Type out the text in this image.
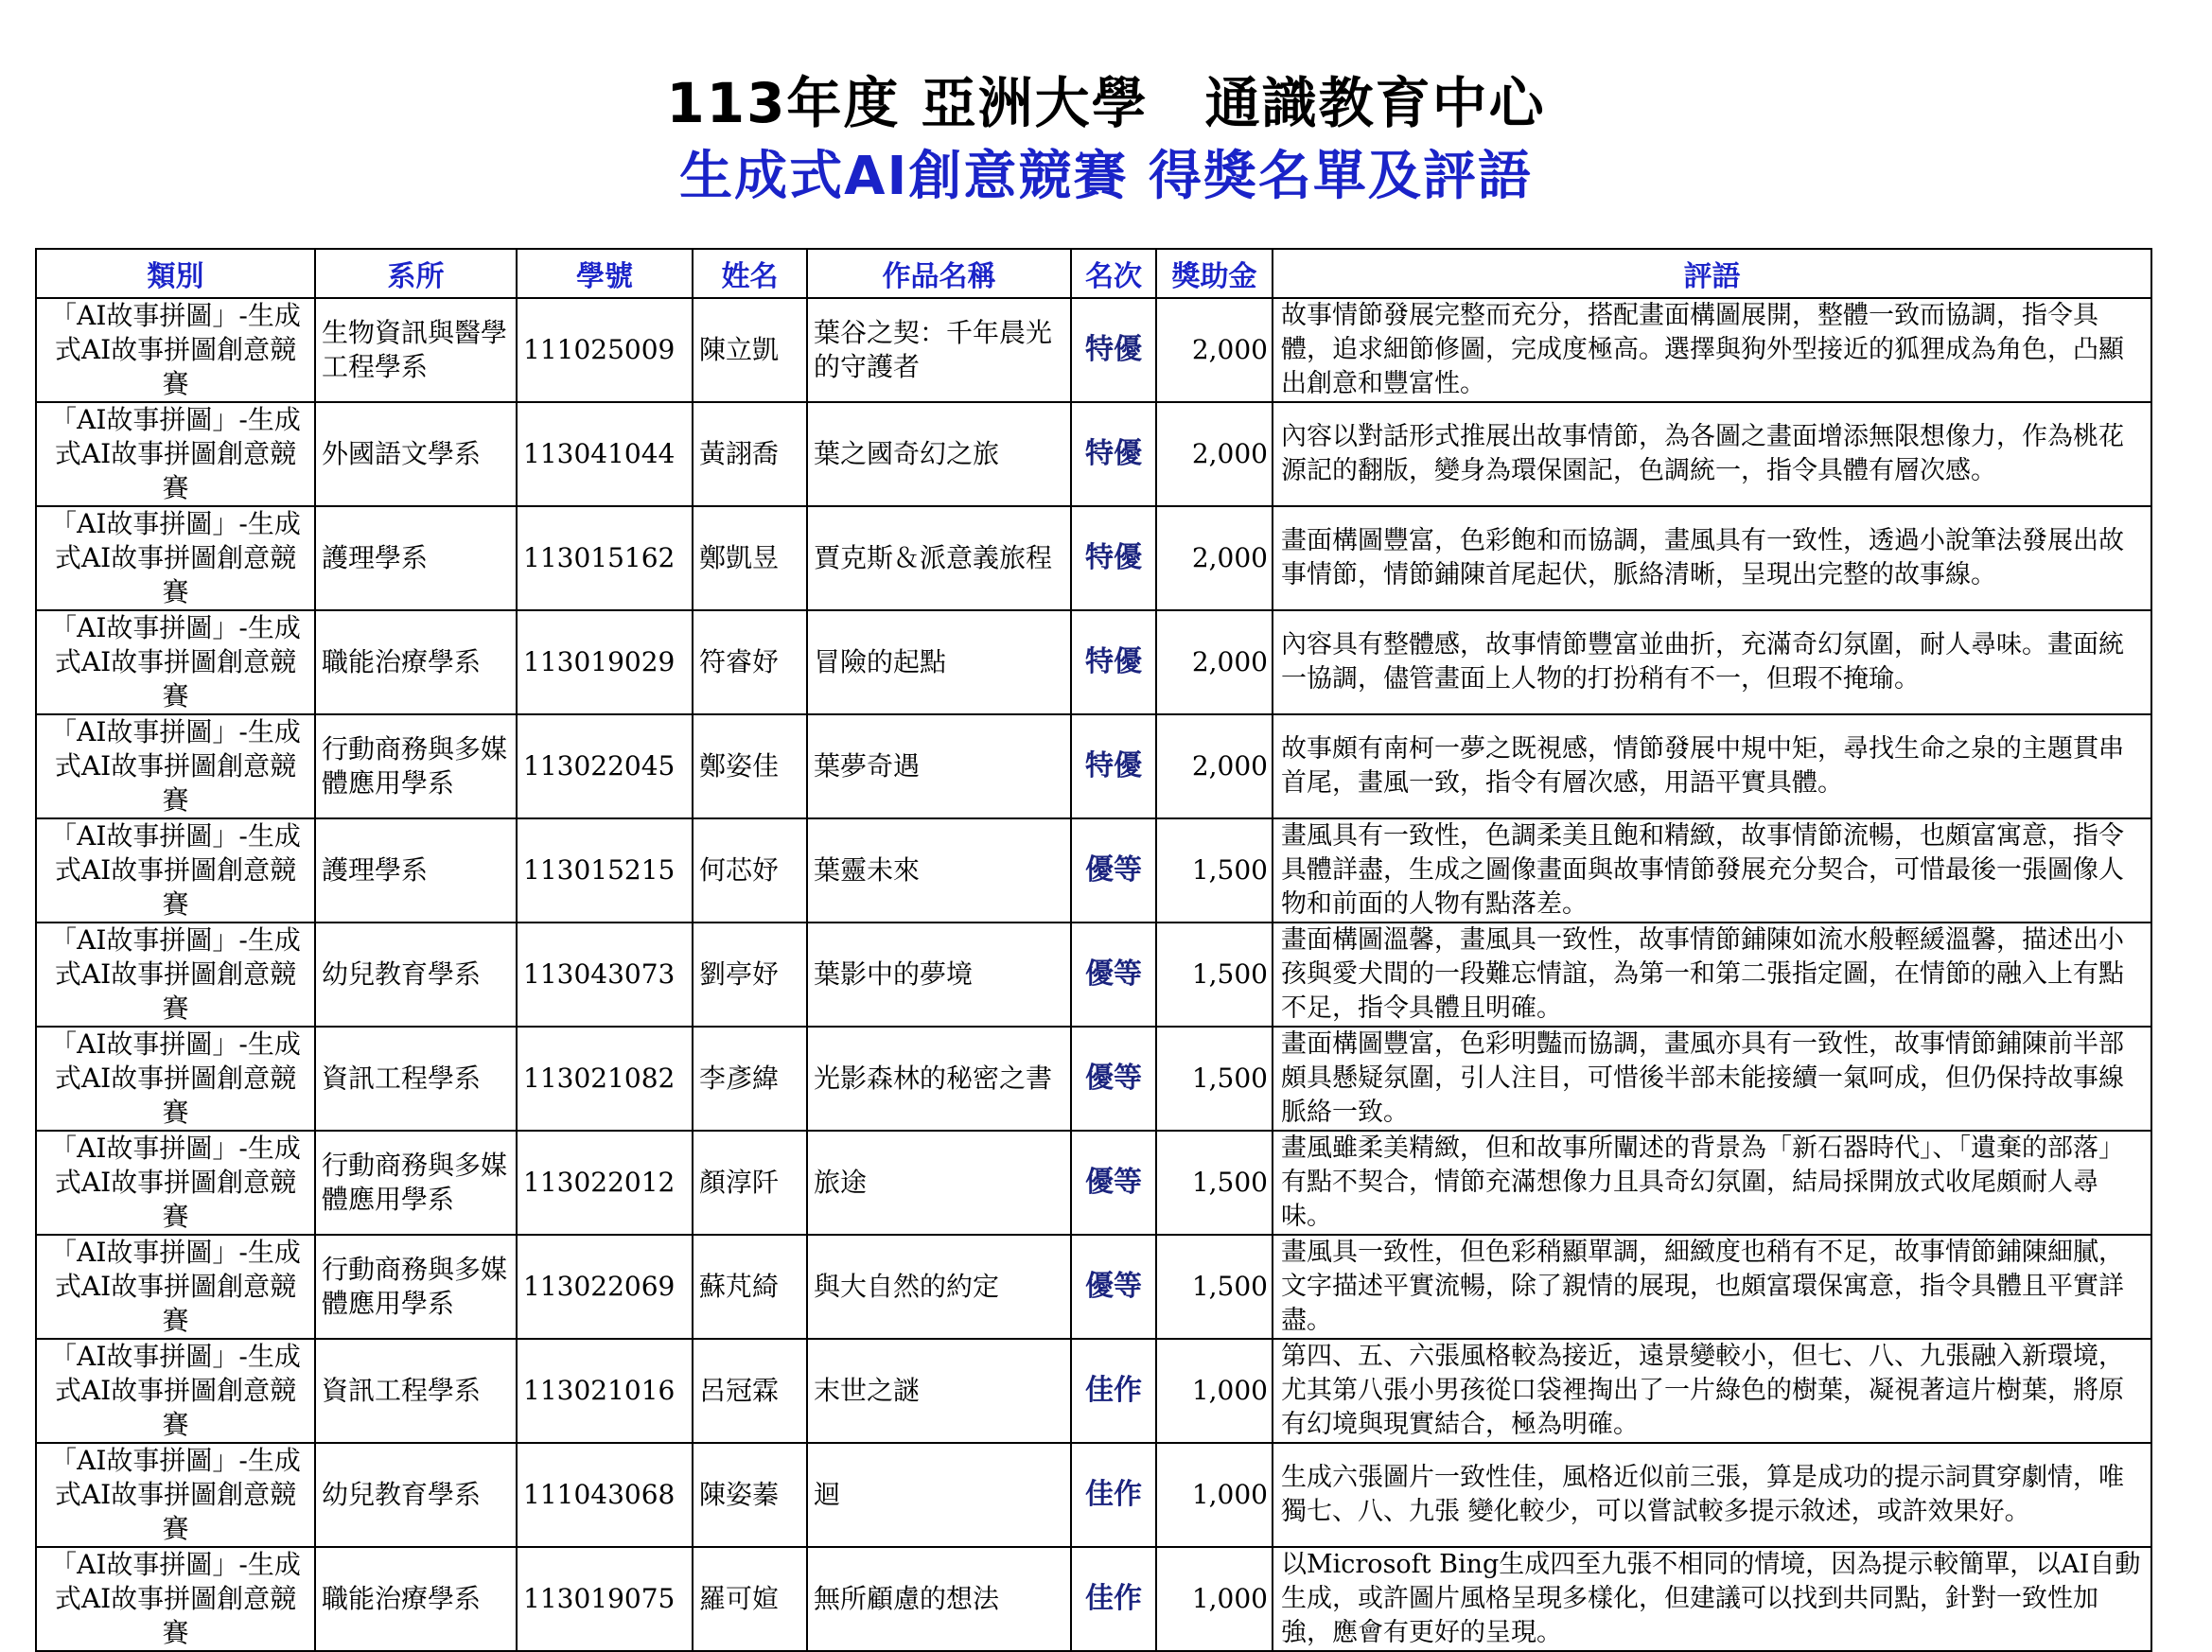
113年度 亞洲大學　通識教育中心
生成式AI創意競賽 得獎名單及評語
類別	系所	學號	姓名	作品名稱	名次	獎助金	評語
「AI故事拼圖」-生成式AI故事拼圖創意競賽	生物資訊與醫學工程學系	111025009	陳立凱	葉谷之契：千年晨光的守護者	特優	2,000	故事情節發展完整而充分，搭配畫面構圖展開，整體一致而協調，指令具體，追求細節修圖，完成度極高。選擇與狗外型接近的狐狸成為角色，凸顯出創意和豐富性。
「AI故事拼圖」-生成式AI故事拼圖創意競賽	外國語文學系	113041044	黃詡喬	葉之國奇幻之旅	特優	2,000	內容以對話形式推展出故事情節，為各圖之畫面增添無限想像力，作為桃花源記的翻版，變身為環保園記，色調統一，指令具體有層次感。
「AI故事拼圖」-生成式AI故事拼圖創意競賽	護理學系	113015162	鄭凱昱	賈克斯＆派意義旅程	特優	2,000	畫面構圖豐富，色彩飽和而協調，畫風具有一致性，透過小說筆法發展出故事情節，情節鋪陳首尾起伏，脈絡清晰，呈現出完整的故事線。
「AI故事拼圖」-生成式AI故事拼圖創意競賽	職能治療學系	113019029	符睿妤	冒險的起點	特優	2,000	內容具有整體感，故事情節豐富並曲折，充滿奇幻氛圍，耐人尋味。畫面統一協調，儘管畫面上人物的打扮稍有不一，但瑕不掩瑜。
「AI故事拼圖」-生成式AI故事拼圖創意競賽	行動商務與多媒體應用學系	113022045	鄭姿佳	葉夢奇遇	特優	2,000	故事頗有南柯一夢之既視感，情節發展中規中矩，尋找生命之泉的主題貫串首尾，畫風一致，指令有層次感，用語平實具體。
「AI故事拼圖」-生成式AI故事拼圖創意競賽	護理學系	113015215	何芯妤	葉靈未來	優等	1,500	畫風具有一致性，色調柔美且飽和精緻，故事情節流暢，也頗富寓意，指令具體詳盡，生成之圖像畫面與故事情節發展充分契合，可惜最後一張圖像人物和前面的人物有點落差。
「AI故事拼圖」-生成式AI故事拼圖創意競賽	幼兒教育學系	113043073	劉亭妤	葉影中的夢境	優等	1,500	畫面構圖溫馨，畫風具一致性，故事情節鋪陳如流水般輕緩溫馨，描述出小孩與愛犬間的一段難忘情誼，為第一和第二張指定圖，在情節的融入上有點不足，指令具體且明確。
「AI故事拼圖」-生成式AI故事拼圖創意競賽	資訊工程學系	113021082	李彥緯	光影森林的秘密之書	優等	1,500	畫面構圖豐富，色彩明豔而協調，畫風亦具有一致性，故事情節鋪陳前半部頗具懸疑氛圍，引人注目，可惜後半部未能接續一氣呵成，但仍保持故事線脈絡一致。
「AI故事拼圖」-生成式AI故事拼圖創意競賽	行動商務與多媒體應用學系	113022012	顏淳阡	旅途	優等	1,500	畫風雖柔美精緻，但和故事所闡述的背景為「新石器時代」、「遺棄的部落」有點不契合，情節充滿想像力且具奇幻氛圍，結局採開放式收尾頗耐人尋味。
「AI故事拼圖」-生成式AI故事拼圖創意競賽	行動商務與多媒體應用學系	113022069	蘇芃綺	與大自然的約定	優等	1,500	畫風具一致性，但色彩稍顯單調，細緻度也稍有不足，故事情節鋪陳細膩，文字描述平實流暢，除了親情的展現，也頗富環保寓意，指令具體且平實詳盡。
「AI故事拼圖」-生成式AI故事拼圖創意競賽	資訊工程學系	113021016	呂冠霖	末世之謎	佳作	1,000	第四、五、六張風格較為接近，遠景變較小，但七、八、九張融入新環境，尤其第八張小男孩從口袋裡掏出了一片綠色的樹葉，凝視著這片樹葉，將原有幻境與現實結合，極為明確。
「AI故事拼圖」-生成式AI故事拼圖創意競賽	幼兒教育學系	111043068	陳姿蓁	迴	佳作	1,000	生成六張圖片一致性佳，風格近似前三張，算是成功的提示詞貫穿劇情，唯獨七、八、九張 變化較少，可以嘗試較多提示敘述，或許效果好。
「AI故事拼圖」-生成式AI故事拼圖創意競賽	職能治療學系	113019075	羅可媗	無所顧慮的想法	佳作	1,000	以Microsoft Bing生成四至九張不相同的情境，因為提示較簡單，以AI自動生成，或許圖片風格呈現多樣化，但建議可以找到共同點，針對一致性加強，應會有更好的呈現。
